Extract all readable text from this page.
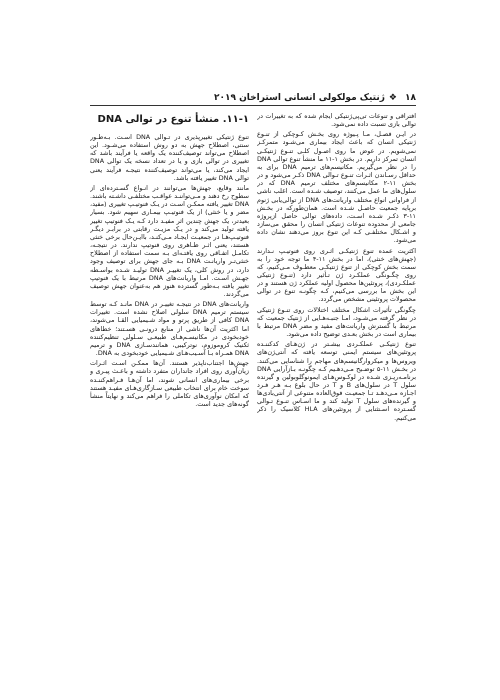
۱۸
❖
ژنتیک مولکولی انسانی استراخان ۲۰۱۹

افتراقی و تنوعات تی‌پی‌ژنتیکی ایجام شده که به تغییرات در توالی بازی تسبت داده نمی‌شود.

در ایـن فصـل، مـا پـیوژه روی بخـش کـوچکی از تنـوع ژنتیکی انسان که باعث ایجاد بیماری می‌شـود متمرکـز نمی‌شویم. در عوض ما روی اصـول کلـی تنـوع ژنتیکـی انسان تمرکز داریم. در بخش ۱-۱۱ ما منشأ تنوع توالی DNA را در نظر می‌گیریم. مکانیسم‌های ترمیم DNA برای به حداقل رسـاندن اثـرات تنـوع تـوالی DNA ذکـر می‌شود و در بخش ۱۱-۲ مکانیسم‌های مختلف ترمیم DNA که در سلول‌های ما عمل می‌کنند، توصیف شـده است. اغلب ناشی از فراوانی انواع مختلف واریانت‌های DNA از توالی‌یابی ژنوم برپایه جمعیت حاصـل شـده است. همان‌طورکه در بخـش ۱۱-۳ ذکـر شـده اسـت، داده‌های توالی حاصل ازپروژه جامعی از محدوده تنوعات ژنتیکی انسان را محقق می‌سازد و اشـکال مختلفـی کـه این تنوع بروز می‌دهند نشان داده می‌شود.

اکثریت عمده تنوع ژنتیکـی اثـری روی فنوتیـپ نـدارند (جهش‌های خنثی)، اما در بخش ۱۱-۴ ما توجه خود را به سمت بخش کوچکی از تنوع ژنتیکـی معطـوف مـی‌کنیم، که روی چگـونگی عملکـرد ژن تـأثیر دارد (تنـوع ژنتیکی عملکـردی)، پروتئین‌ها محصول اولیه عملکرد ژن هستند و در این بخش ما بررسی می‌کنیم، کـه چگونـه تنوع در توالی محصولات پروتئینی مشخص می‌گردد.

چگونگی تأثیرات اشکال مختلف اختلالات روی تنـوع ژنتیکی در نظر گرفته می‌شـود، امـا جنبـه‌هـایی از ژنتیک جمعیت که مرتبط با گسترش واریانت‌های مفید و مضر DNA مرتبط با بیماری است در بخش بعـدی توضیح داده می‌شود.

تنوع ژنتیکـی عملکـردی بیشـتر در ژن‌هـای کدکننـده پروتئین‌های سیستم ایمنی توسعه یافته که آنتی‌ژن‌های ویروس‌ها و میکروارگانیسم‌های مهاجم را شناسایی می‌کنند. در بخـش ۱۱-۵ توضـیح مـی‌دهـیم کـه چگونـه بـازآرایی DNA برنامـه‌ریـزی شـده در لوکـوس‌هـای ایمونوگلوبولین و گیرنده سلول T در سلول‌های B و T در حال بلوغ بـه هـر فـرد اجـازه مـی‌دهـد تـا جمعیـت فوق‌العاده متنوعی از آنتی‌بادی‌ها و گیرنده‌های سلول T تولید کند و ما اسـاس تنـوع تـوالی گسـترده اسـتثنایی از پروتئین‌های HLA کلاسیک را ذکر می‌کنیم.

۱۱-۱. منشأ تنوع در توالی DNA

تنوع ژنتیکی تغییرپذیری در تـوالی DNA اسـت. بـه‌طـور سنتی، اصطلاح جهش به دو روش استفاده می‌شـود. این اصطلاح می‌تواند توصیف‌کننده یک واقعه یا فرآیند باشد که تغییری در توالی بازی و یا در تعداد نسخه یک توالی DNA ایجاد می‌کند، یا می‌تواند توصیف‌کننده نتیجـه فرآیند یعنی توالی DNA تغییر یافته باشد.

مانند وقایع، جهش‌ها می‌توانند در انـواع گسـترده‌ای از سطوح رخ دهند و مـی‌تواننـد عواقـب مختلفـی داشـته باشند. DNA تغییر یافته ممکـن اسـت در یـک فنوتیـپ تغییری (مفید، مضر و یا خنثی) از یک فنوتیـپ بیمـاری سهیم شود. بسیار بعیدتر، یک جهش چندین اثر مفیـد دارد کـه یـک فنوتیپ تغییر یافته تولید می‌کند و در یـک مزیـت رقابتی در برابـر دیگـر فنوتیـپ‌هـا در جمعیـت ایجـاد مـی‌کنـد، باایـن‌حال برخی خنثی هستند، یعنی اثـر ظـاهری روی فنوتیپ ندارند. در نتیجـه، تکامـل اتفـاقی روی یافتـه‌ای بـه سمت استفاده از اصطلاح خنثی‌تـر واریانـت DNA بـه جای جهش برای توصیف وجود دارد، در روش کلی، یک تغییـر DNA تولیـد شـده بواسـطه جهـش اسـت. امـا واریانت‌های DNA مرتبط با یک فنوتیپ تغییر یافته بـه‌طور گسترده هنوز هم به‌عنوان جهش توصیف می‌گردند.

واریانت‌های DNA در نتیجـه تغییـر در DNA مانـد کـه توسط سیستم ترمیم DNA سلولی اصلاح نشده است. تغییرات DNA کافی از طریق پرتو و مواد شـیمیایی القـا می‌شوند، اما اکثریت آن‌ها ناشی از منابع درونـی هسـتند؛ خطاهای خودبخودی در مکانیسـم‌هـای طبیعـی سـلولی تنظیم‌کننده ثکنیک کروموزوم، نوترکیبی، همانندسـازی DNA و ترمیم DNA همـراه بـا آسـیب‌هـای شـیمیایی خودبخودی به DNA.

جهش‌ها اجتناب‌ناپذیر هستند. آن‌ها ممکـن اسـت اثـرات زیان‌آوری روی افراد جانداران متفرد داشته و باعـث پیـری و برخی بیماری‌های انسانی شوند، اما آن‌هـا فـراهم‌کننـده سوخت خام برای انتخاب طبیعی سـازگاری‌هـای مفیـد هستند که امکان نوآوری‌های تکاملی را فراهم می‌کند و نهایتاً منشأ گونه‌های جدید است.
